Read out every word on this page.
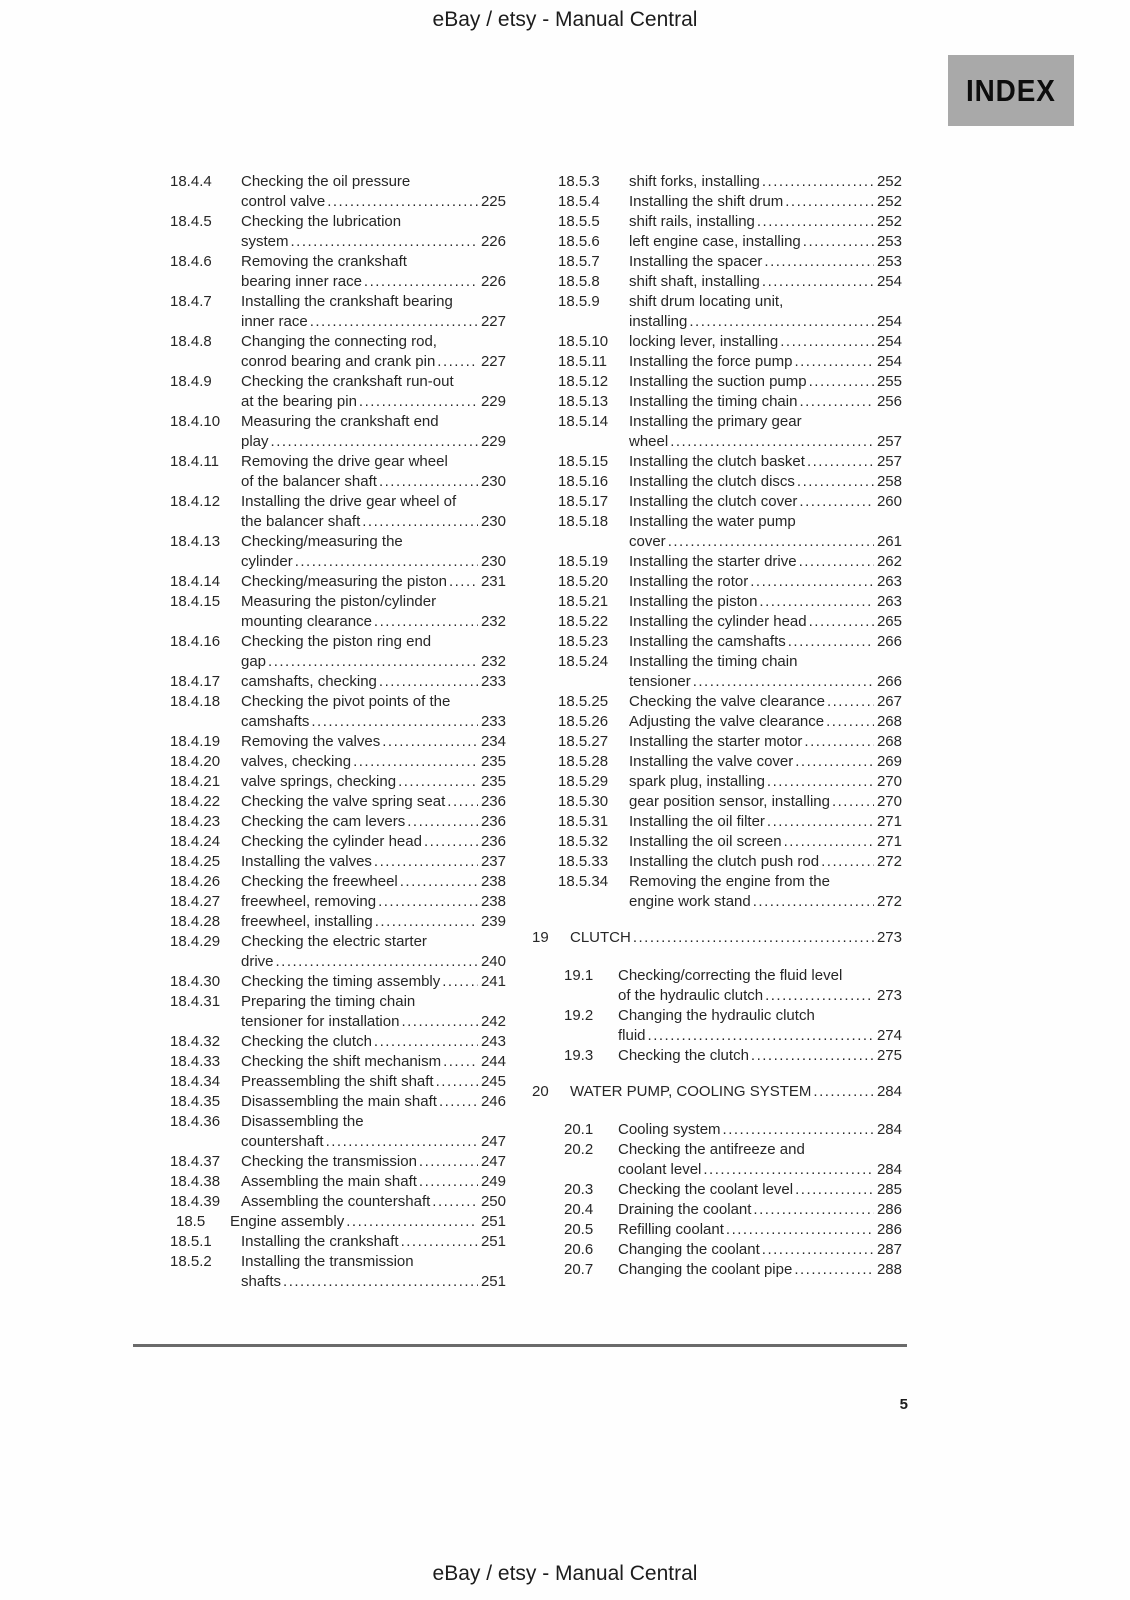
eBay / etsy - Manual Central
INDEX
18.4.4	Checking the oil pressure
control valve .....	225
18.4.5	Checking the lubrication
system .....	226
18.4.6	Removing the crankshaft
bearing inner race .....	226
18.4.7	Installing the crankshaft bearing
inner race .....	227
18.4.8	Changing the connecting rod,
conrod bearing and crank pin .....	227
18.4.9	Checking the crankshaft run-out
at the bearing pin .....	229
18.4.10	Measuring the crankshaft end
play .....	229
18.4.11	Removing the drive gear wheel
of the balancer shaft .....	230
18.4.12	Installing the drive gear wheel of
the balancer shaft .....	230
18.4.13	Checking/measuring the
cylinder .....	230
18.4.14	Checking/measuring the piston ..... 231
18.4.15	Measuring the piston/cylinder
mounting clearance .....	232
18.4.16	Checking the piston ring end
gap .....	232
18.4.17	camshafts, checking .....	233
18.4.18	Checking the pivot points of the
camshafts .....	233
18.4.19	Removing the valves .....	234
18.4.20	valves, checking .....	235
18.4.21	valve springs, checking .....	235
18.4.22	Checking the valve spring seat ..... 236
18.4.23	Checking the cam levers .....	236
18.4.24	Checking the cylinder head .....	236
18.4.25	Installing the valves .....	237
18.4.26	Checking the freewheel .....	238
18.4.27	freewheel, removing .....	238
18.4.28	freewheel, installing .....	239
18.4.29	Checking the electric starter
drive .....	240
18.4.30	Checking the timing assembly .....	241
18.4.31	Preparing the timing chain
tensioner for installation .....	242
18.4.32	Checking the clutch .....	243
18.4.33	Checking the shift mechanism .....	244
18.4.34	Preassembling the shift shaft .....	245
18.4.35	Disassembling the main shaft .....	246
18.4.36	Disassembling the
countershaft .....	247
18.4.37	Checking the transmission .....	247
18.4.38	Assembling the main shaft .....	249
18.4.39	Assembling the countershaft .....	250
18.5	Engine assembly .....	251
18.5.1	Installing the crankshaft .....	251
18.5.2	Installing the transmission
shafts .....	251
18.5.3	shift forks, installing .....	252
18.5.4	Installing the shift drum .....	252
18.5.5	shift rails, installing .....	252
18.5.6	left engine case, installing .....	253
18.5.7	Installing the spacer .....	253
18.5.8	shift shaft, installing .....	254
18.5.9	shift drum locating unit,
installing .....	254
18.5.10	locking lever, installing .....	254
18.5.11	Installing the force pump .....	254
18.5.12	Installing the suction pump .....	255
18.5.13	Installing the timing chain .....	256
18.5.14	Installing the primary gear
wheel .....	257
18.5.15	Installing the clutch basket .....	257
18.5.16	Installing the clutch discs .....	258
18.5.17	Installing the clutch cover .....	260
18.5.18	Installing the water pump
cover .....	261
18.5.19	Installing the starter drive .....	262
18.5.20	Installing the rotor .....	263
18.5.21	Installing the piston .....	263
18.5.22	Installing the cylinder head .....	265
18.5.23	Installing the camshafts .....	266
18.5.24	Installing the timing chain
tensioner .....	266
18.5.25	Checking the valve clearance .....	267
18.5.26	Adjusting the valve clearance .....	268
18.5.27	Installing the starter motor .....	268
18.5.28	Installing the valve cover .....	269
18.5.29	spark plug, installing .....	270
18.5.30	gear position sensor, installing .....	270
18.5.31	Installing the oil filter .....	271
18.5.32	Installing the oil screen .....	271
18.5.33	Installing the clutch push rod .....	272
18.5.34	Removing the engine from the
engine work stand .....	272
19	CLUTCH .....	273
19.1	Checking/correcting the fluid level
of the hydraulic clutch .....	273
19.2	Changing the hydraulic clutch
fluid .....	274
19.3	Checking the clutch .....	275
20	WATER PUMP, COOLING SYSTEM .....	284
20.1	Cooling system .....	284
20.2	Checking the antifreeze and
coolant level .....	284
20.3	Checking the coolant level .....	285
20.4	Draining the coolant .....	286
20.5	Refilling coolant .....	286
20.6	Changing the coolant .....	287
20.7	Changing the coolant pipe .....	288
5
eBay / etsy - Manual Central
